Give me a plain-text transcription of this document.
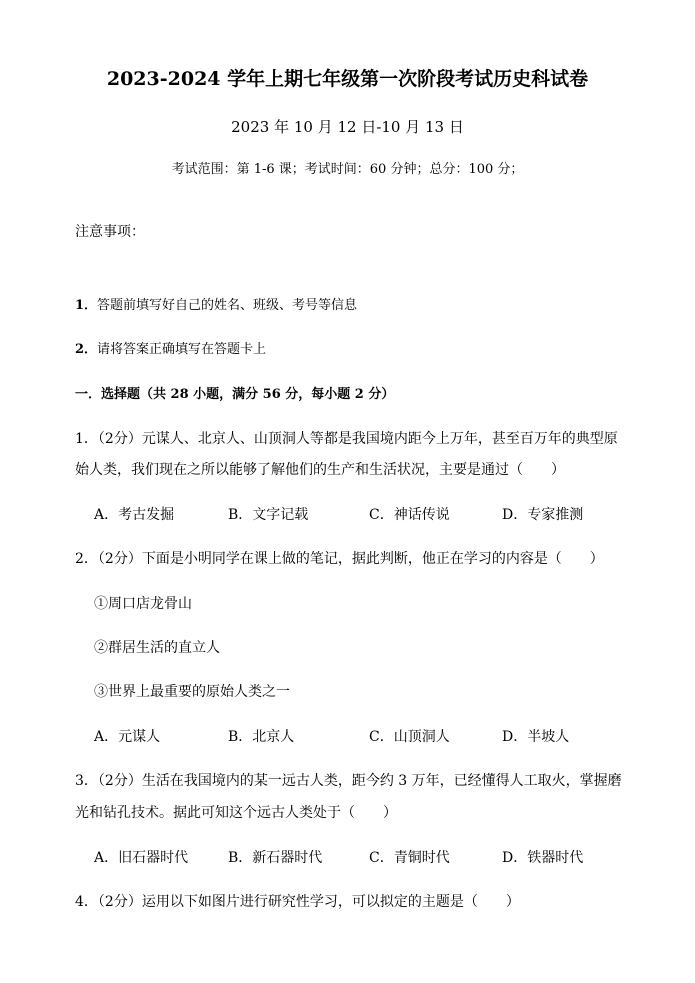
2023-2024 学年上期七年级第一次阶段考试历史科试卷
2023 年 10 月 12 日-10 月 13 日
考试范围：第 1-6 课；考试时间：60 分钟；总分：100 分；
注意事项：
1．答题前填写好自己的姓名、班级、考号等信息
2．请将答案正确填写在答题卡上
一．选择题（共 28 小题，满分 56 分，每小题 2 分）
1．（2分）元谋人、北京人、山顶洞人等都是我国境内距今上万年，甚至百万年的典型原
始人类，我们现在之所以能够了解他们的生产和生活状况，主要是通过（　　）
A．考古发掘	B．文字记载	C．神话传说	D．专家推测
2．（2分）下面是小明同学在课上做的笔记，据此判断，他正在学习的内容是（　　）
①周口店龙骨山
②群居生活的直立人
③世界上最重要的原始人类之一
A．元谋人	B．北京人	C．山顶洞人	D．半坡人
3．（2分）生活在我国境内的某一远古人类，距今约 3 万年，已经懂得人工取火，掌握磨
光和钻孔技术。据此可知这个远古人类处于（　　）
A．旧石器时代	B．新石器时代	C．青铜时代	D．铁器时代
4．（2分）运用以下如图片进行研究性学习，可以拟定的主题是（　　）
